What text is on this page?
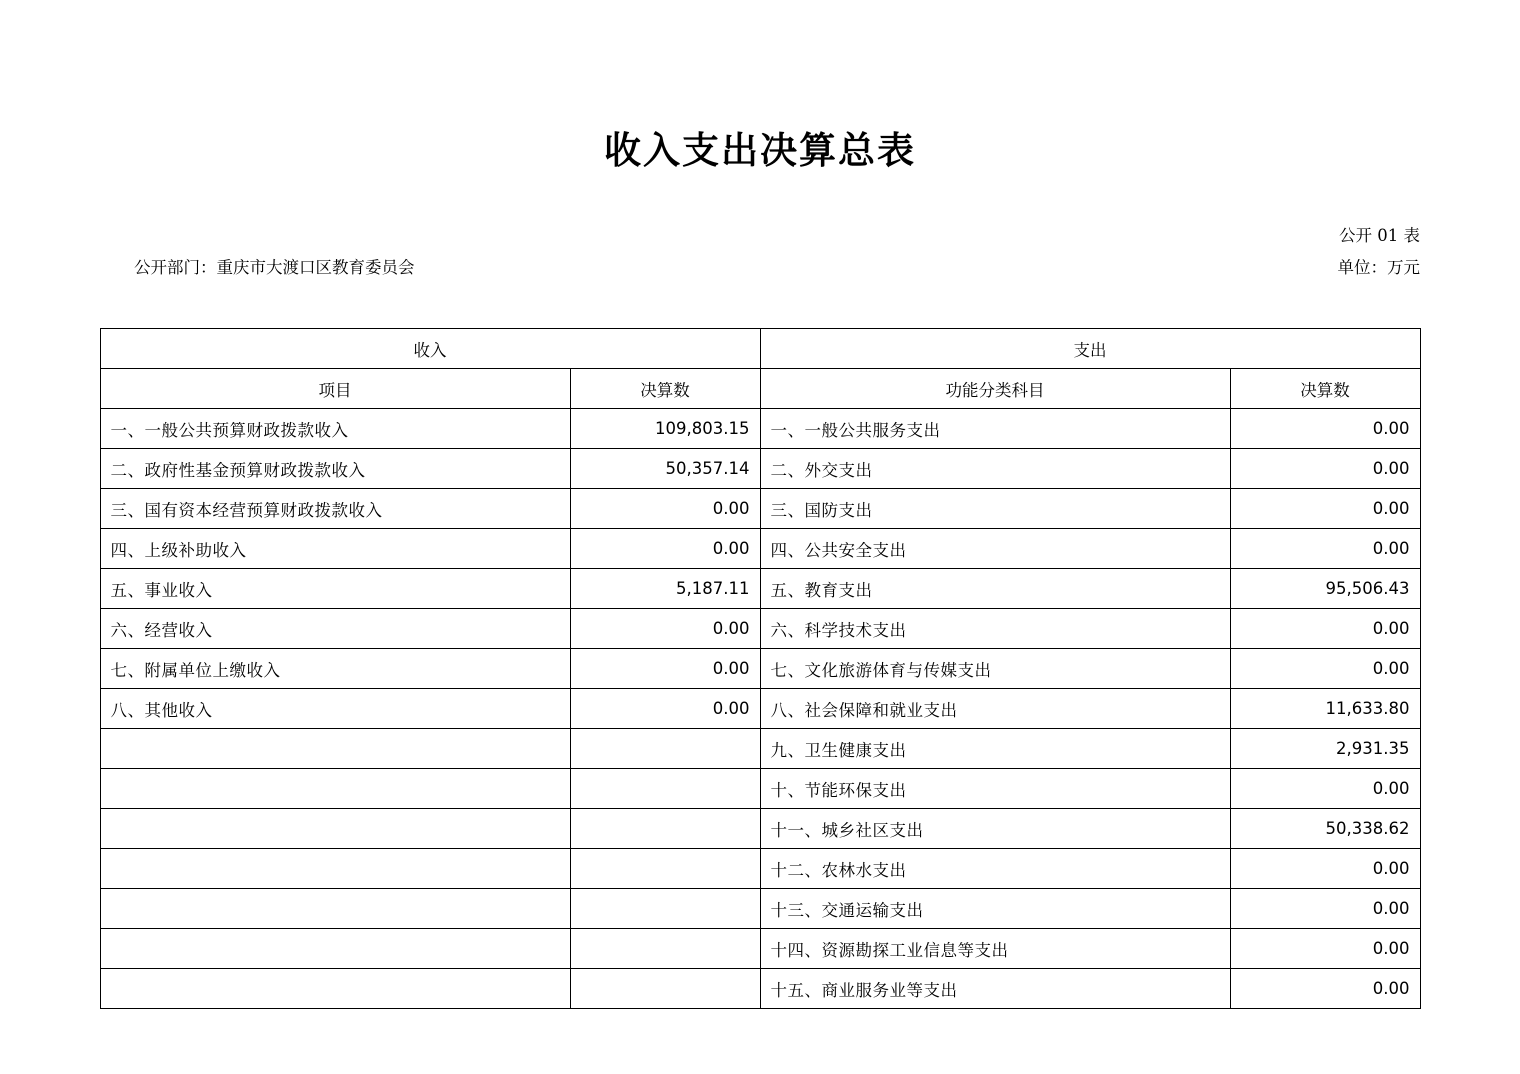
收入支出决算总表
公开 01 表
公开部门：重庆市大渡口区教育委员会	单位：万元
收入		支出	
项目	决算数	功能分类科目	决算数
一、一般公共预算财政拨款收入	109,803.15	一、一般公共服务支出	0.00
二、政府性基金预算财政拨款收入	50,357.14	二、外交支出	0.00
三、国有资本经营预算财政拨款收入	0.00	三、国防支出	0.00
四、上级补助收入	0.00	四、公共安全支出	0.00
五、事业收入	5,187.11	五、教育支出	95,506.43
六、经营收入	0.00	六、科学技术支出	0.00
七、附属单位上缴收入	0.00	七、文化旅游体育与传媒支出	0.00
八、其他收入	0.00	八、社会保障和就业支出	11,633.80
		九、卫生健康支出	2,931.35
		十、节能环保支出	0.00
		十一、城乡社区支出	50,338.62
		十二、农林水支出	0.00
		十三、交通运输支出	0.00
		十四、资源勘探工业信息等支出	0.00
		十五、商业服务业等支出	0.00
